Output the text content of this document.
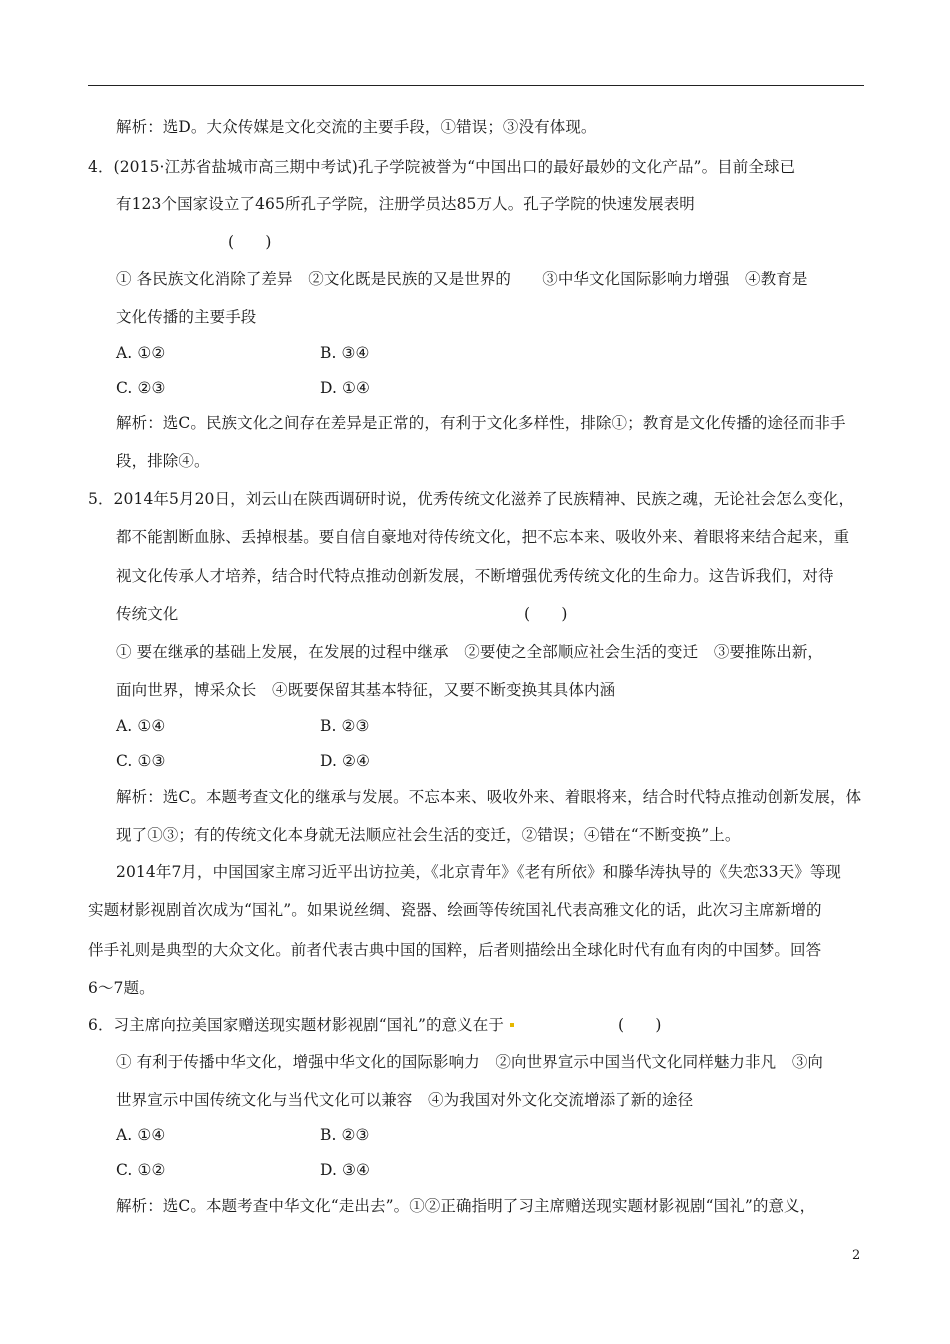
解析：选D。大众传媒是文化交流的主要手段，①错误；③没有体现。
4．(2015·江苏省盐城市高三期中考试)孔子学院被誉为“中国出口的最好最妙的文化产品”。目前全球已
有123个国家设立了465所孔子学院，注册学员达85万人。孔子学院的快速发展表明
(　　)
① 各民族文化消除了差异　②文化既是民族的又是世界的　　③中华文化国际影响力增强　④教育是
文化传播的主要手段
A. ①②	B. ③④
C. ②③	D. ①④
解析：选C。民族文化之间存在差异是正常的，有利于文化多样性，排除①；教育是文化传播的途径而非手
段，排除④。
5．2014年5月20日，刘云山在陕西调研时说，优秀传统文化滋养了民族精神、民族之魂，无论社会怎么变化，
都不能割断血脉、丢掉根基。要自信自豪地对待传统文化，把不忘本来、吸收外来、着眼将来结合起来，重
视文化传承人才培养，结合时代特点推动创新发展，不断增强优秀传统文化的生命力。这告诉我们，对待
传统文化	(　　)
① 要在继承的基础上发展，在发展的过程中继承　②要使之全部顺应社会生活的变迁　③要推陈出新，
面向世界，博采众长　④既要保留其基本特征，又要不断变换其具体内涵
A. ①④	B. ②③
C. ①③	D. ②④
解析：选C。本题考查文化的继承与发展。不忘本来、吸收外来、着眼将来，结合时代特点推动创新发展，体
现了①③；有的传统文化本身就无法顺应社会生活的变迁，②错误；④错在“不断变换”上。
2014年7月，中国国家主席习近平出访拉美，《北京青年》《老有所依》和滕华涛执导的《失恋33天》等现
实题材影视剧首次成为“国礼”。如果说丝绸、瓷器、绘画等传统国礼代表高雅文化的话，此次习主席新增的
伴手礼则是典型的大众文化。前者代表古典中国的国粹，后者则描绘出全球化时代有血有肉的中国梦。回答
6～7题。
6．习主席向拉美国家赠送现实题材影视剧“国礼”的意义在于	(　　)
① 有利于传播中华文化，增强中华文化的国际影响力　②向世界宣示中国当代文化同样魅力非凡　③向
世界宣示中国传统文化与当代文化可以兼容　④为我国对外文化交流增添了新的途径
A. ①④	B. ②③
C. ①②	D. ③④
解析：选C。本题考查中华文化“走出去”。①②正确指明了习主席赠送现实题材影视剧“国礼”的意义，
2
